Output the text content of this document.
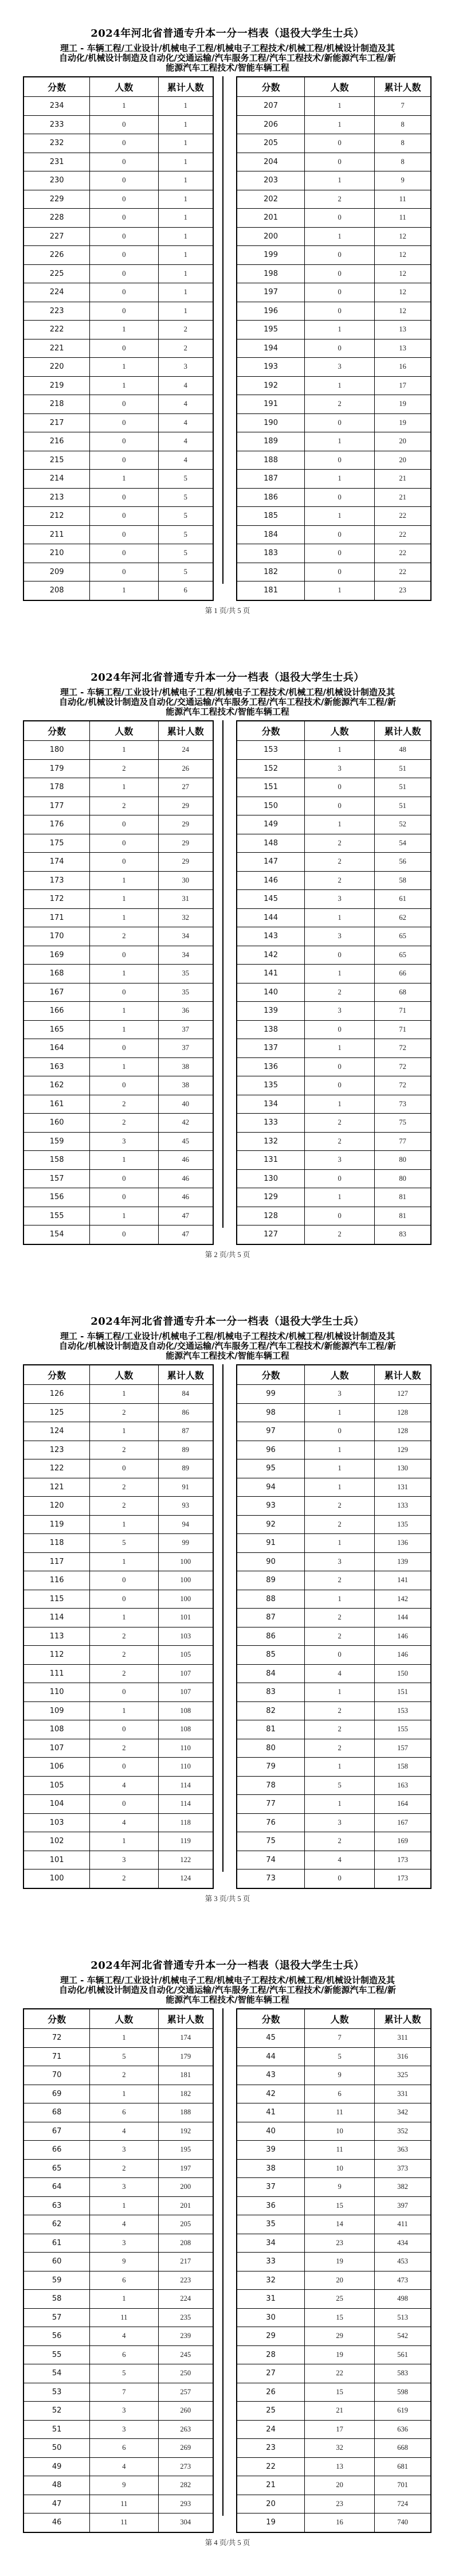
2024年河北省普通专升本一分一档表（退役大学生士兵）
理工 - 车辆工程/工业设计/机械电子工程/机械电子工程技术/机械工程/机械设计制造及其
自动化/机械设计制造及自动化/交通运输/汽车服务工程/汽车工程技术/新能源汽车工程/新
能源汽车工程技术/智能车辆工程
分数	人数	累计人数
234	1	1
233	0	1
232	0	1
231	0	1
230	0	1
229	0	1
228	0	1
227	0	1
226	0	1
225	0	1
224	0	1
223	0	1
222	1	2
221	0	2
220	1	3
219	1	4
218	0	4
217	0	4
216	0	4
215	0	4
214	1	5
213	0	5
212	0	5
211	0	5
210	0	5
209	0	5
208	1	6
分数	人数	累计人数
207	1	7
206	1	8
205	0	8
204	0	8
203	1	9
202	2	11
201	0	11
200	1	12
199	0	12
198	0	12
197	0	12
196	0	12
195	1	13
194	0	13
193	3	16
192	1	17
191	2	19
190	0	19
189	1	20
188	0	20
187	1	21
186	0	21
185	1	22
184	0	22
183	0	22
182	0	22
181	1	23
第 1 页/共 5 页
2024年河北省普通专升本一分一档表（退役大学生士兵）
理工 - 车辆工程/工业设计/机械电子工程/机械电子工程技术/机械工程/机械设计制造及其
自动化/机械设计制造及自动化/交通运输/汽车服务工程/汽车工程技术/新能源汽车工程/新
能源汽车工程技术/智能车辆工程
分数	人数	累计人数
180	1	24
179	2	26
178	1	27
177	2	29
176	0	29
175	0	29
174	0	29
173	1	30
172	1	31
171	1	32
170	2	34
169	0	34
168	1	35
167	0	35
166	1	36
165	1	37
164	0	37
163	1	38
162	0	38
161	2	40
160	2	42
159	3	45
158	1	46
157	0	46
156	0	46
155	1	47
154	0	47
分数	人数	累计人数
153	1	48
152	3	51
151	0	51
150	0	51
149	1	52
148	2	54
147	2	56
146	2	58
145	3	61
144	1	62
143	3	65
142	0	65
141	1	66
140	2	68
139	3	71
138	0	71
137	1	72
136	0	72
135	0	72
134	1	73
133	2	75
132	2	77
131	3	80
130	0	80
129	1	81
128	0	81
127	2	83
第 2 页/共 5 页
2024年河北省普通专升本一分一档表（退役大学生士兵）
理工 - 车辆工程/工业设计/机械电子工程/机械电子工程技术/机械工程/机械设计制造及其
自动化/机械设计制造及自动化/交通运输/汽车服务工程/汽车工程技术/新能源汽车工程/新
能源汽车工程技术/智能车辆工程
分数	人数	累计人数
126	1	84
125	2	86
124	1	87
123	2	89
122	0	89
121	2	91
120	2	93
119	1	94
118	5	99
117	1	100
116	0	100
115	0	100
114	1	101
113	2	103
112	2	105
111	2	107
110	0	107
109	1	108
108	0	108
107	2	110
106	0	110
105	4	114
104	0	114
103	4	118
102	1	119
101	3	122
100	2	124
分数	人数	累计人数
99	3	127
98	1	128
97	0	128
96	1	129
95	1	130
94	1	131
93	2	133
92	2	135
91	1	136
90	3	139
89	2	141
88	1	142
87	2	144
86	2	146
85	0	146
84	4	150
83	1	151
82	2	153
81	2	155
80	2	157
79	1	158
78	5	163
77	1	164
76	3	167
75	2	169
74	4	173
73	0	173
第 3 页/共 5 页
2024年河北省普通专升本一分一档表（退役大学生士兵）
理工 - 车辆工程/工业设计/机械电子工程/机械电子工程技术/机械工程/机械设计制造及其
自动化/机械设计制造及自动化/交通运输/汽车服务工程/汽车工程技术/新能源汽车工程/新
能源汽车工程技术/智能车辆工程
分数	人数	累计人数
72	1	174
71	5	179
70	2	181
69	1	182
68	6	188
67	4	192
66	3	195
65	2	197
64	3	200
63	1	201
62	4	205
61	3	208
60	9	217
59	6	223
58	1	224
57	11	235
56	4	239
55	6	245
54	5	250
53	7	257
52	3	260
51	3	263
50	6	269
49	4	273
48	9	282
47	11	293
46	11	304
分数	人数	累计人数
45	7	311
44	5	316
43	9	325
42	6	331
41	11	342
40	10	352
39	11	363
38	10	373
37	9	382
36	15	397
35	14	411
34	23	434
33	19	453
32	20	473
31	25	498
30	15	513
29	29	542
28	19	561
27	22	583
26	15	598
25	21	619
24	17	636
23	32	668
22	13	681
21	20	701
20	23	724
19	16	740
第 4 页/共 5 页
